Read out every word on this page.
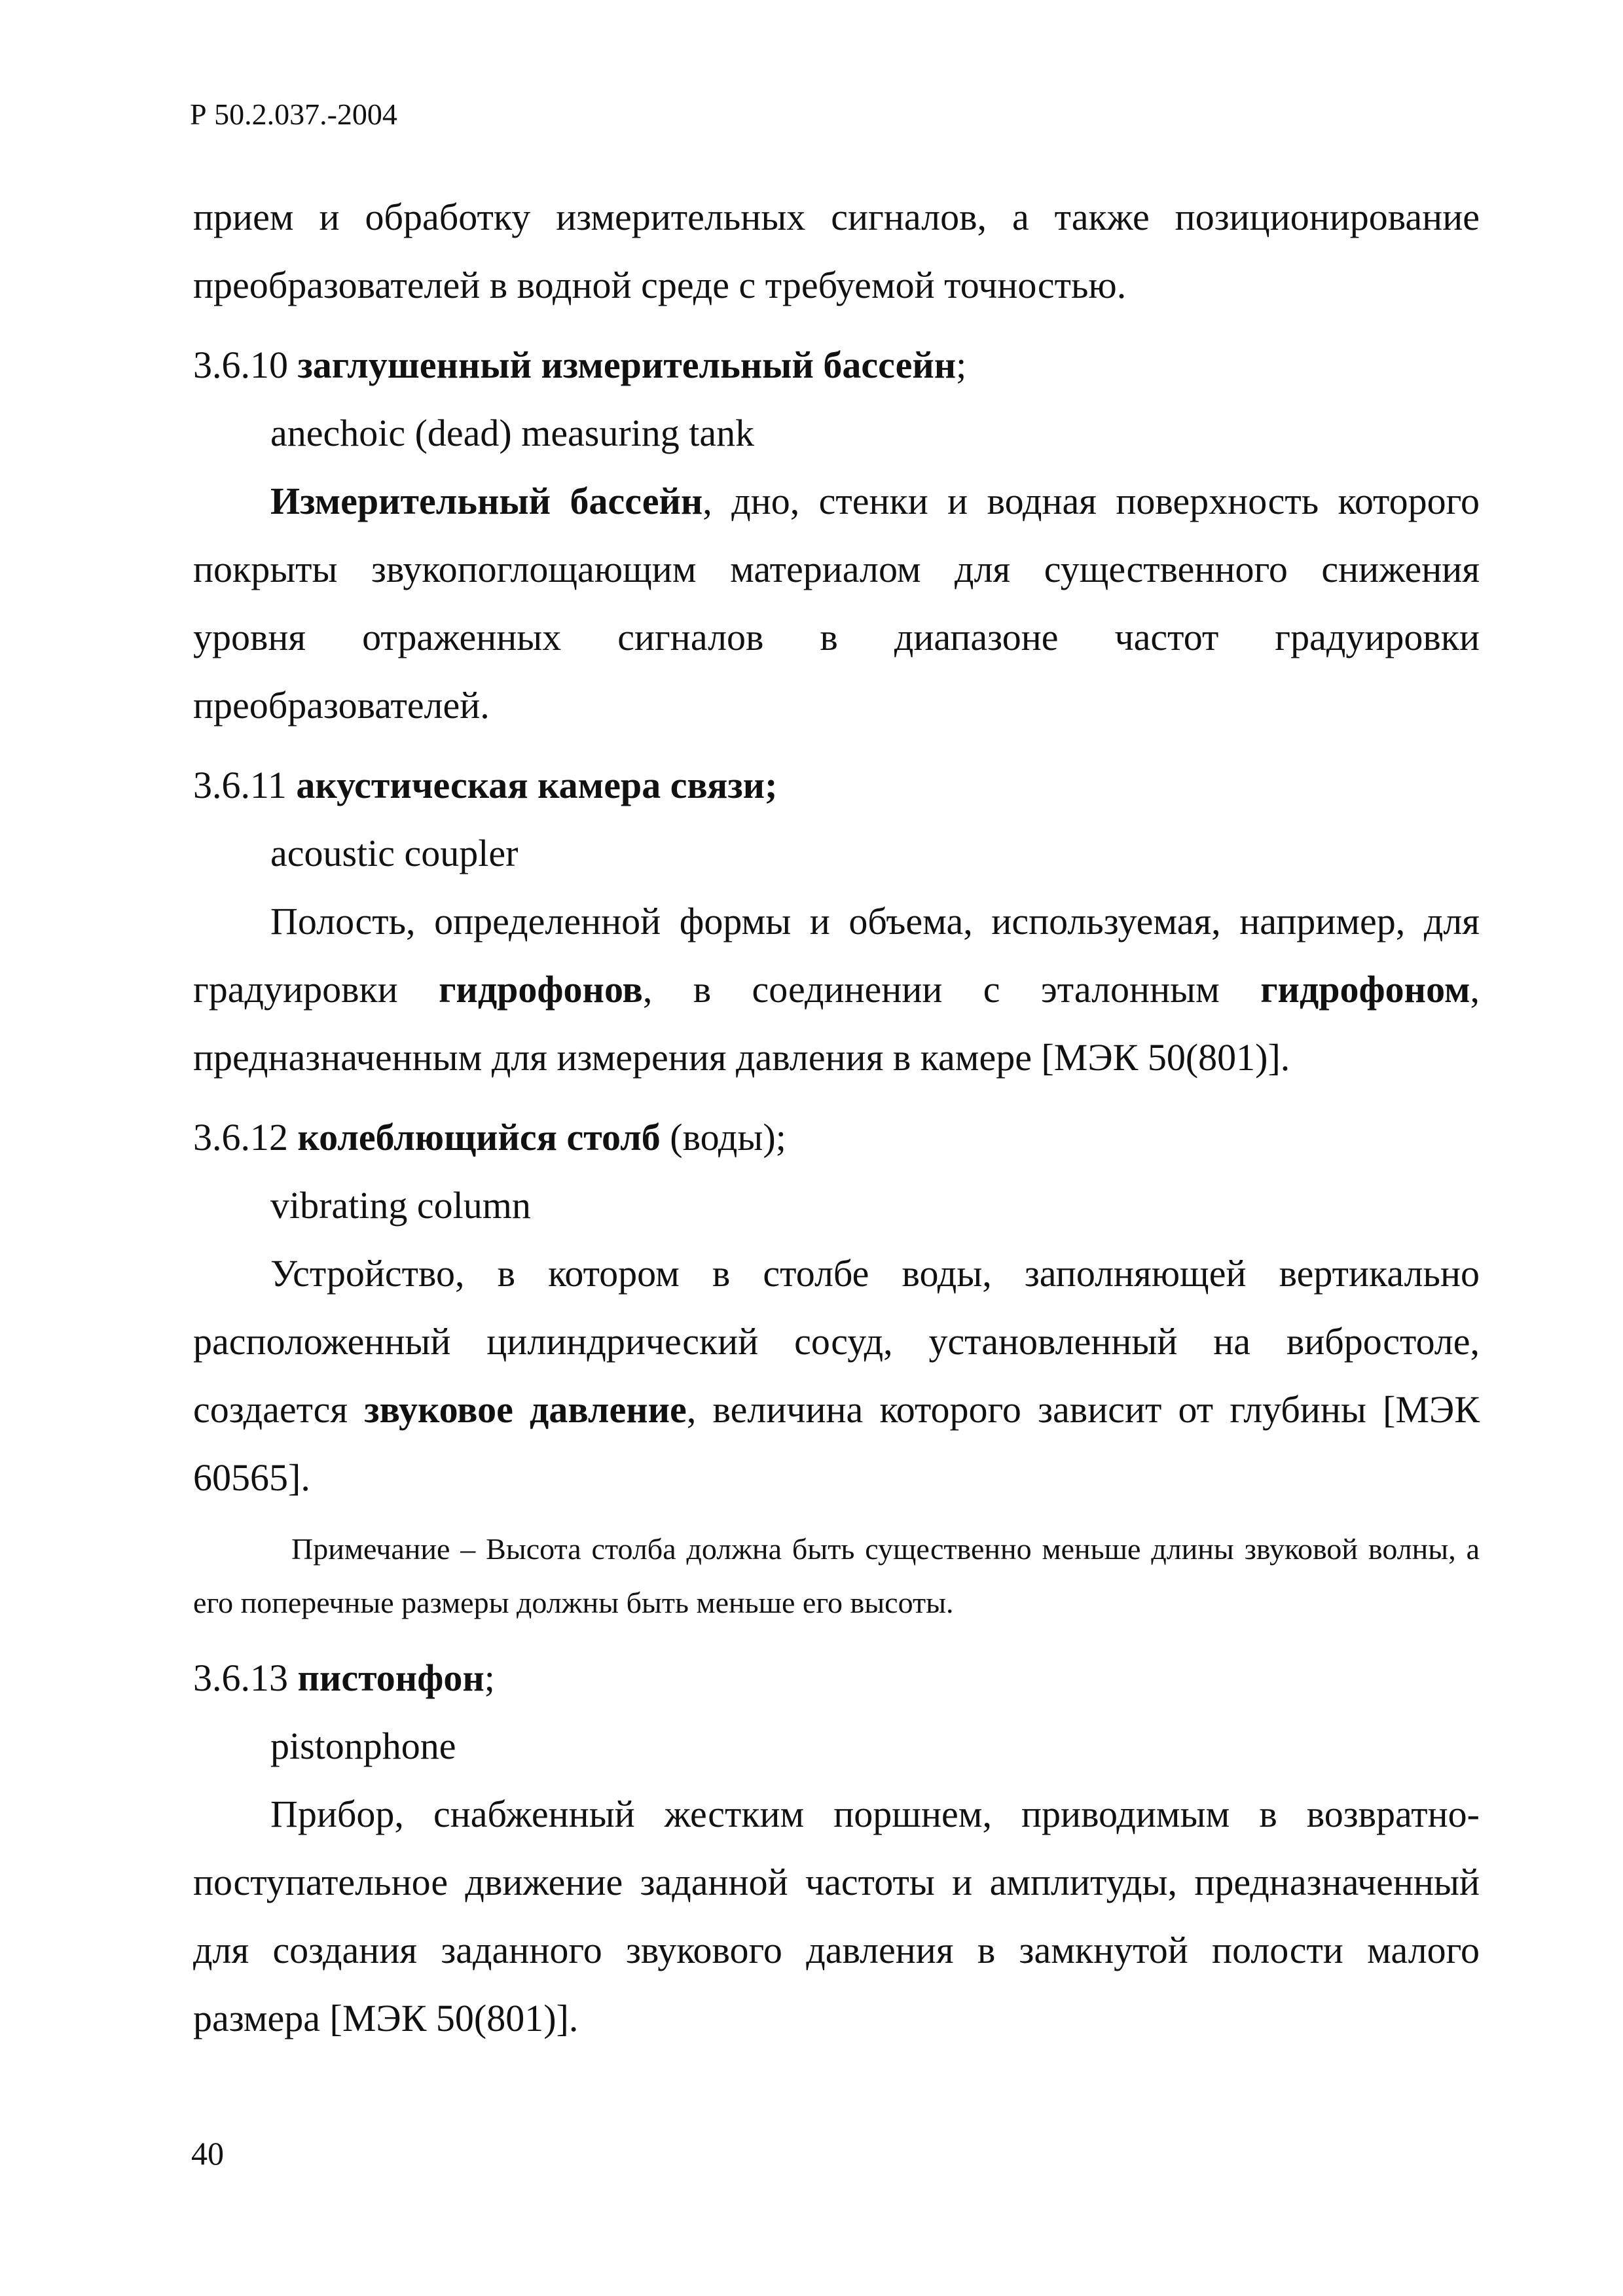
Р 50.2.037.-2004

прием и обработку измерительных сигналов, а также позиционирование

преобразователей в водной среде с требуемой точностью.

3.6.10 заглушенный измерительный бассейн;

anechoic (dead) measuring tank

Измерительный бассейн, дно, стенки и водная поверхность которого покрыты звукопоглощающим материалом для существенного снижения уровня отраженных сигналов в диапазоне частот градуировки преобразователей.

3.6.11 акустическая камера связи;

acoustic coupler

Полость, определенной формы и объема, используемая, например, для градуировки гидрофонов, в соединении с эталонным гидрофоном, предназначенным для измерения давления в камере [МЭК 50(801)].

3.6.12 колеблющийся столб (воды);

vibrating column

Устройство, в котором в столбе воды, заполняющей вертикально расположенный цилиндрический сосуд, установленный на вибростоле, создается звуковое давление, величина которого зависит от глубины [МЭК 60565].

Примечание – Высота столба должна быть существенно меньше длины звуковой волны, а его поперечные размеры должны быть меньше его высоты.

3.6.13 пистонфон;

pistonphone

Прибор, снабженный жестким поршнем, приводимым в возвратно-поступательное движение заданной частоты и амплитуды, предназначенный для создания заданного звукового давления в замкнутой полости малого размера [МЭК 50(801)].

40
